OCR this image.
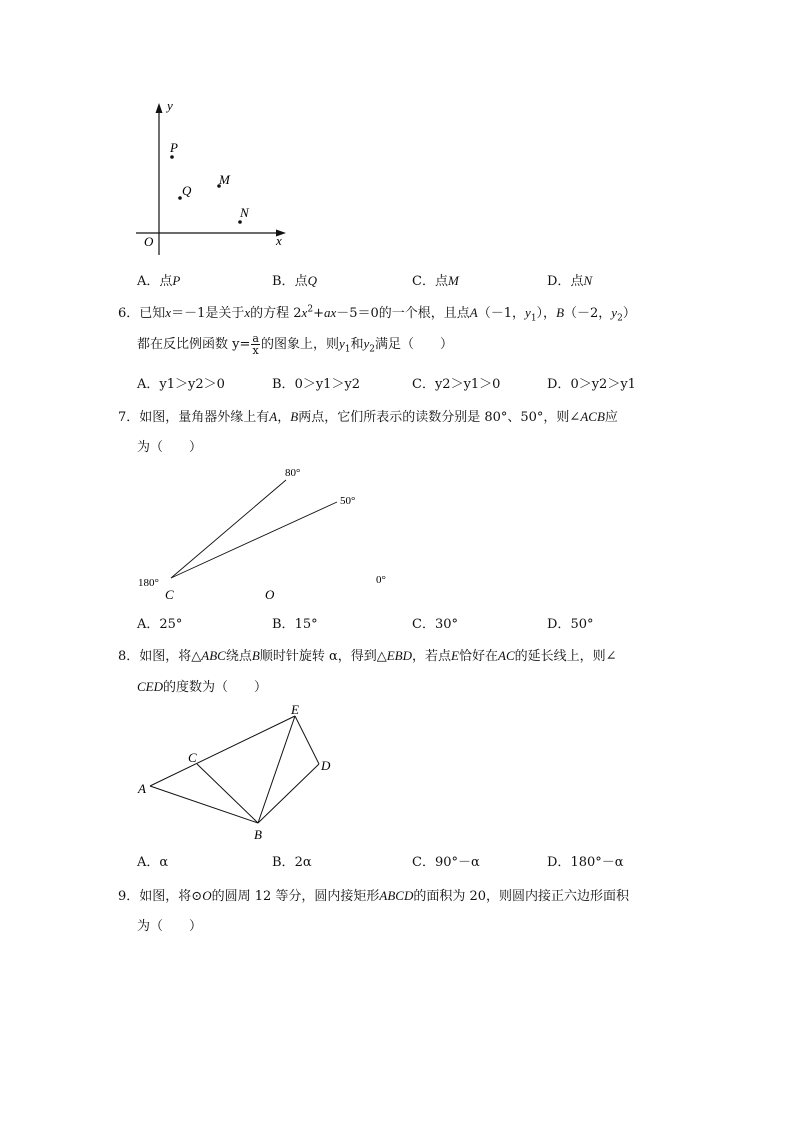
y
x
O
P
Q
M
N
A．点P	B．点Q	C．点M	D．点N
6．已知x＝－1是关于x的方程 $2x^2+ax-5=0$的一个根，且点A（－1，$y_1$），B（－2，$y_2$）
都在反比例函数 $y= \frac{a}{x}$ 的图象上，则$y_1$和$y_2$满足（　　）
A．y1＞y2＞0	B．0＞y1＞y2	C．y2＞y1＞0	D．0＞y2＞y1
7．如图，量角器外缘上有A，B两点，它们所表示的读数分别是 80°、50°，则∠ACB应
为（　　）
80°
50°
180°	0°
C	O
A．25°	B．15°	C．30°	D．50°
8．如图，将△ABC绕点B顺时针旋转 α，得到△EBD，若点E恰好在AC的延长线上，则∠
CED的度数为（　　）
A
B
C
D
E
A．α	B．2α	C．90°－α	D．180°－α
9．如图，将⊙O的圆周 12 等分，圆内接矩形ABCD的面积为 20，则圆内接正六边形面积
为（　　）
